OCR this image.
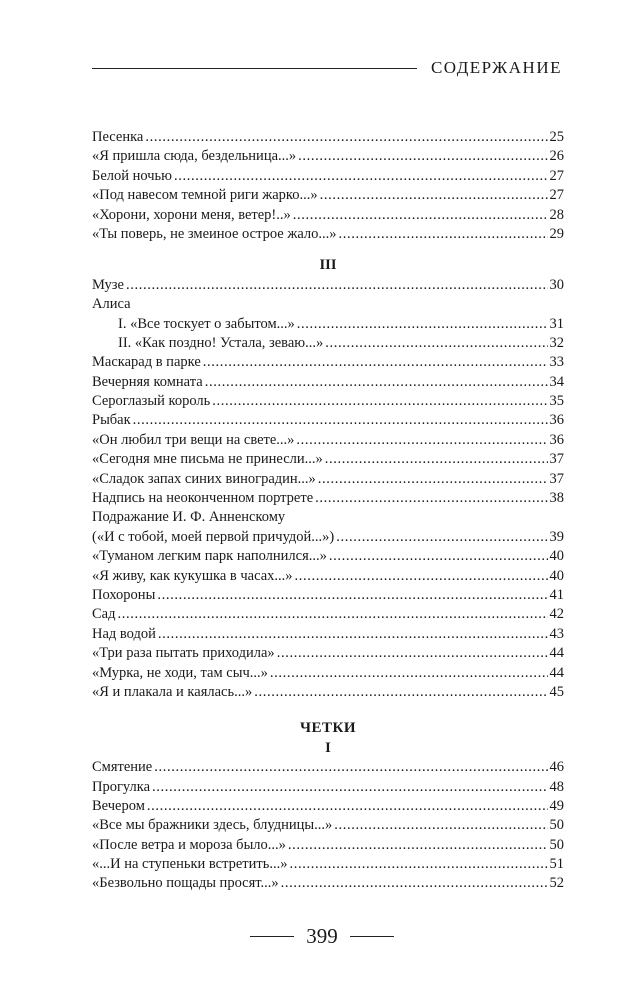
СОДЕРЖАНИЕ
Песенка . . .	25
«Я пришла сюда, бездельница...» . . .	26
Белой ночью . . .	27
«Под навесом темной риги жарко...» . . .	27
«Хорони, хорони меня, ветер!..» . . .	28
«Ты поверь, не змеиное острое жало...» . . .	29
III
Музе . . .	30
Алиса
I. «Все тоскует о забытом...» . . .	31
II. «Как поздно! Устала, зеваю...» . . .	32
Маскарад в парке . . .	33
Вечерняя комната . . .	34
Сероглазый король . . .	35
Рыбак . . .	36
«Он любил три вещи на свете...» . . .	36
«Сегодня мне письма не принесли...» . . .	37
«Сладок запах синих виноградин...» . . .	37
Надпись на неоконченном портрете . . .	38
Подражание И. Ф. Анненскому
(«И с тобой, моей первой причудой...») . . .	39
«Туманом легким парк наполнился...» . . .	40
«Я живу, как кукушка в часах...» . . .	40
Похороны . . .	41
Сад . . .	42
Над водой . . .	43
«Три раза пытать приходила» . . .	44
«Мурка, не ходи, там сыч...» . . .	44
«Я и плакала и каялась...» . . .	45
ЧЕТКИ
I
Смятение . . .	46
Прогулка . . .	48
Вечером . . .	49
«Все мы бражники здесь, блудницы...» . . .	50
«После ветра и мороза было...» . . .	50
«...И на ступеньки встретить...» . . .	51
«Безвольно пощады просят...» . . .	52
399
